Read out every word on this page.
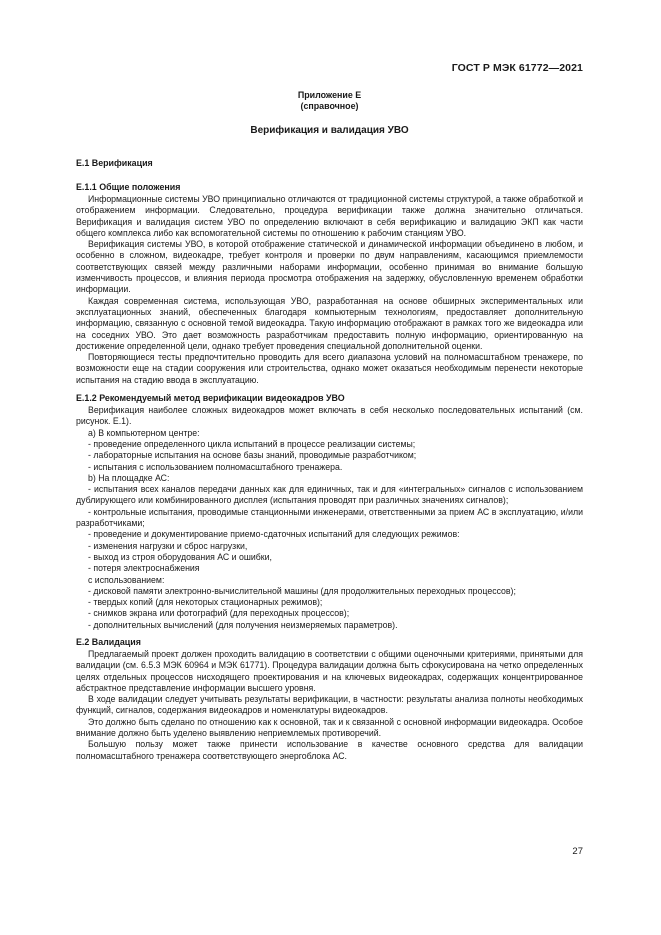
ГОСТ Р МЭК 61772—2021
Приложение Е
(справочное)
Верификация и валидация УВО
Е.1 Верификация
Е.1.1 Общие положения

Информационные системы УВО принципиально отличаются от традиционной системы структурой, а также обработкой и отображением информации. Следовательно, процедура верификации также должна значительно отличаться. Верификация и валидация систем УВО по определению включают в себя верификацию и валидацию ЭКП как части общего комплекса либо как вспомогательной системы по отношению к рабочим станциям УВО.

Верификация системы УВО, в которой отображение статической и динамической информации объединено в любом, и особенно в сложном, видеокадре, требует контроля и проверки по двум направлениям, касающимся приемлемости соответствующих связей между различными наборами информации, особенно принимая во внимание большую изменчивость процессов, и влияния периода просмотра отображения на задержку, обусловленную временем обработки информации.

Каждая современная система, использующая УВО, разработанная на основе обширных экспериментальных или эксплуатационных знаний, обеспеченных благодаря компьютерным технологиям, предоставляет дополнительную информацию, связанную с основной темой видеокадра. Такую информацию отображают в рамках того же видеокадра или на соседних УВО. Это дает возможность разработчикам предоставить полную информацию, ориентированную на достижение определенной цели, однако требует проведения специальной дополнительной оценки.

Повторяющиеся тесты предпочтительно проводить для всего диапазона условий на полномасштабном тренажере, по возможности еще на стадии сооружения или строительства, однако может оказаться необходимым перенести некоторые испытания на стадию ввода в эксплуатацию.

Е.1.2 Рекомендуемый метод верификации видеокадров УВО

Верификация наиболее сложных видеокадров может включать в себя несколько последовательных испытаний (см. рисунок. Е.1).

а) В компьютерном центре:

- проведение определенного цикла испытаний в процессе реализации системы;

- лабораторные испытания на основе базы знаний, проводимые разработчиком;

- испытания с использованием полномасштабного тренажера.

b) На площадке АС:

- испытания всех каналов передачи данных как для единичных, так и для «интегральных» сигналов с использованием дублирующего или комбинированного дисплея (испытания проводят при различных значениях сигналов);

- контрольные испытания, проводимые станционными инженерами, ответственными за прием АС в эксплуатацию, и/или разработчиками;

- проведение и документирование приемо-сдаточных испытаний для следующих режимов:

- изменения нагрузки и сброс нагрузки,

- выход из строя оборудования АС и ошибки,

- потеря электроснабжения

с использованием:

- дисковой памяти электронно-вычислительной машины (для продолжительных переходных процессов);

- твердых копий (для некоторых стационарных режимов);

- снимков экрана или фотографий (для переходных процессов);

- дополнительных вычислений (для получения неизмеряемых параметров).

Е.2 Валидация

Предлагаемый проект должен проходить валидацию в соответствии с общими оценочными критериями, принятыми для валидации (см. 6.5.3 МЭК 60964 и МЭК 61771). Процедура валидации должна быть сфокусирована на четко определенных целях отдельных процессов нисходящего проектирования и на ключевых видеокадрах, содержащих концентрированное абстрактное представление информации высшего уровня.

В ходе валидации следует учитывать результаты верификации, в частности: результаты анализа полноты необходимых функций, сигналов, содержания видеокадров и номенклатуры видеокадров.

Это должно быть сделано по отношению как к основной, так и к связанной с основной информации видеокадра. Особое внимание должно быть уделено выявлению неприемлемых противоречий.

Большую пользу может также принести использование в качестве основного средства для валидации полномасштабного тренажера соответствующего энергоблока АС.

27
